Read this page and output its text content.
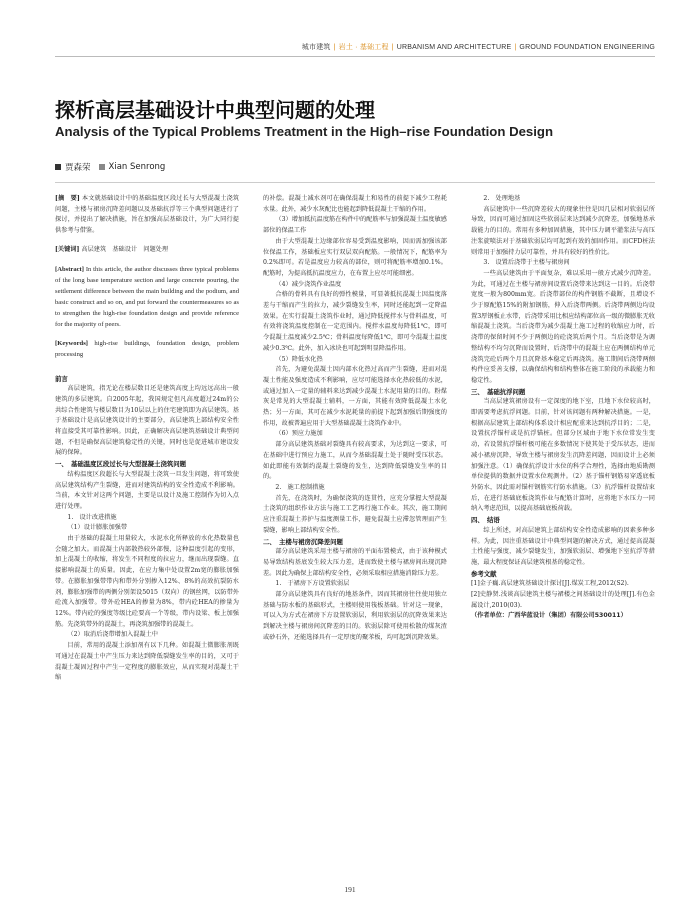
城市建筑 | 岩土 · 基础工程 | URBANISM AND ARCHITECTURE | GROUND FOUNDATION ENGINEERING
探析高层基础设计中典型问题的处理
Analysis of the Typical Problems Treatment in the High–rise Foundation Design
贾森荣 Xian Senrong

[摘　要] 本文就基础设计中的基础温度区段过长与大型混凝土浇筑问题，主楼与裙房沉降差问题以及基础抗浮等三个典型问题进行了探讨，并提出了解决措施，旨在加强高层基础设计，为广大同行提供参考与借鉴。

[关键词] 高层建筑　基础设计　问题处理

[Abstract] In this article, the author discusses three typical problems of the long base temperature section and large concrete pouring, the settlement difference between the main building and the podium, and basic construct and so on, and put forward the countermeasures so as to strengthen the high-rise foundation design and provide reference for the majority of peers.

[Keywords] high-rise buildings, foundation design, problem processing

前言

高层建筑，指无论在楼层数目还是建筑高度上均远远高出一般建筑的多层建筑。自2005年起，我国规定但凡高度超过24m的公共综合性建筑与楼层数目为10层以上的住宅建筑即为高层建筑。基于基础设计是高层建筑设计的主要部分，高层建筑上部结构安全性将直接受其可靠性影响。因此，正确解决高层建筑基础设计典型问题，不但是确保高层建筑稳定性的关键，同时也是促进城市建设发展的保障。

一、　基础温度区段过长与大型混凝土浇筑问题

结构温度区段超长与大型混凝土浇筑一旦发生问题，将可致使高层建筑结构产生裂缝，进而对建筑结构的安全性造成不利影响。当前，本文针对这两个问题，主要是以设计及施工控制作为切入点进行处理。

1.　设计改进措施

（1）设计膨胀加强带

由于基础的混凝土用量较大，水泥水化所释放的水化热数量也会随之加大。而混凝土内部散热较外部慢，这种温度引起的变形，加上混凝土的收缩，将发生不同程度的拉应力，继而出现裂缝。直接影响混凝土的质量。因此，在应力集中处设置2m宽的膨胀加强带。在膨胀加强带带内和带外分别掺入12%、8%的高效抗裂防水剂，膨胀加强带的两侧分别架设5015（双向）的钢丝网，以防带外砼流入加强带。带外砼HEA的掺量为8%，带内砼HEA的掺量为12%。带内砼的强度等级比砼要高一个等级，带内设梁、板上加强筋。先浇筑带外的混凝土，再浇筑加强带的混凝土。

（2）取消后浇带增加入混凝土中

目前，常用的混凝土添加剂有以下几种。如混凝土微膨胀剂既可通过在混凝土中产生压力来达到降低裂缝发生率的目的，又可于混凝土凝固过程中产生一定程度的膨胀效应，从而实现对混凝土干缩

的补偿。混凝土减水剂可在确保混凝土和易性的前提下减少工程耗水量。此外，减少水灰配比也能起到降低混凝土干缩的作用。

（3）增加抵抗温度筋在构件中的配筋率与加强混凝土温度敏感部位的保温工作

由于大型混凝土边缘部位容易受到温度影响，因而需加强该部位保温工作，基础板应实行双层双向配筋。一般情况下，配筋率为0.2%即可。若是温度应力较高的部位，则可将配筋率增加0.1%。配筋时，为提高抵抗温度应力，在布置上应尽可能细密。

（4）减少浇筑作业温度

合格的骨料具有良好的弹性模量，可显著抵抗混凝土因温度落差与干缩而产生的拉力，减少裂缝发生率，同时还能起到一定降温效果。在实行混凝土浇筑作业时，通过降低搅拌水与骨料温度，可有效将浇筑温度控制在一定范围内。搅拌水温度每降低1℃，即可令混凝土温度减少2.5℃；骨料温度每降低1℃，即可令混凝土温度减少0.3℃。此外，加入冰块也可起到明显降温作用。

（5）降低水化热

首先，为避免混凝土因内部水化热过高而产生裂缝，进而对混凝土性能及强度造成不利影响，应尽可能选择水化热较低的水泥，或通过加入一定量的辅料来达到减少混凝土水泥用量的目的。粉煤灰是常见的大型混凝土辅料，一方面，其能有效降低混凝土水化热；另一方面，其可在减少水泥耗量的前提下起到加强后期强度的作用，故被普遍应用于大型基础混凝土浇筑作业中。

（6）预应力施加

部分高层建筑基础对裂缝具有较高要求，为达到这一要求，可在基础中进行预应力施工，从而令基础混凝土处于随时受压状态。如此即能有效制约混凝土裂缝的发生，达到降低裂缝发生率的目的。

2.　施工控制措施

首先，在浇筑时，为确保浇筑的连贯性，应充分掌握大型混凝土浇筑的组织作业方法与施工工艺再行施工作业。其次，施工期间应注重混凝土养护与温度测量工作，避免混凝土应滞忽管理而产生裂缝，影响上部结构安全性。

二、　主楼与裙房沉降差问题

部分高层建筑采用主楼与裙房的平面布置模式，由于该种模式易导致结构基底发生较大压力差，进而致使主楼与裙房间出现沉降差。因此为确保上部结构安全性，必须采取相应措施消除压力差。

1.　于裙房下方设置软弱层

部分高层建筑具有良好的地基条件，因而其裙房往往使用独立基础与防水板的基础形式，主楼则使用筏板基础。针对这一现象，可以入为方式在裙房下方设置软弱层，利用软弱层的沉降效果来达到解决主楼与裙房间沉降差的目的。软弱层除可使用松散的煤灰渣或砂石外，还能选择具有一定厚度的聚苯板，均可起到沉降效果。

2.　处理地基

高层建筑中一些沉降差较大的现象往往是因几层相对软弱层所导致，因而可通过加固这些软弱层来达到减少沉降差，加强地基承载能力的目的。常用有多种加固措施，其中压力调平灌浆法与高压注浆旋喷法对于基础软弱层均可起到有效的加固作用。而CFD桩法则常用于加强持力层可靠性，并具有较好的性价比。

3.　设置后浇带于主楼与裙房间

一些高层建筑由于平面复杂，难以采用一般方式减少沉降差。为此，可通过在主楼与裙房间设置后浇带来达到这一目的。后浇带宽度一般为800mm宽。后浇带部位的构件钢筋不截断，且增设不少于原配筋15%的附加钢筋，伸入后浇带两侧。后浇带两侧边均设置3厚钢板止水带，后浇带采用比相应结构部位高一级的微膨胀无收缩混凝土浇筑。当后浇带为减少混凝土施工过程的收缩应力时，后浇带的保留时间不少于两侧边的砼浇筑后两个月。当后浇带是为调整结构不均匀沉降而设置时，后浇带中的混凝土应在两侧结构单元浇筑完砼后两个月且沉降基本稳定后再浇筑。施工期间后浇带两侧构件应妥善支撑，以确保结构和结构整体在施工阶段的承载能力和稳定性。

三、　基础抗浮问题

当高层建筑裙房设有一定深度的地下室，且地下水位较高时，即需要考虑抗浮问题。目前，针对该问题有两种解决措施。一是，根据高层建筑上部结构体系设计相应配重来达到抗浮目的；二是，设置抗浮锚杆或是抗浮锚桩。但部分区域由于地下水位常发生变动，若设置抗浮锚杆极可能在多数情况下使其处于受压状态，进而减小裙房沉降，导致主楼与裙房发生沉降差问题，因而设计上必须加强注意。（1）确保抗浮设计水位的科学合理性，选择由地质勘测单位提供的数据并设置水位观测井。（2）基于锚杆钢筋易穿透底板外防水，因此需对锚杆钢筋实行防水措施。（3）抗浮锚杆设置结束后，在进行基础底板浇筑作业与配筋计算时，应将地下水压力一同纳入考虑范围，以提高基础底板荷载。

四、　结语

综上所述，对高层建筑上部结构安全性造成影响的因素多种多样。为此，因注重基础设计中典型问题的解决方式，通过提高混凝土性能与强度，减少裂缝发生，加强软弱层、增强地下室抗浮等措施，最大程度保证高层建筑根基的稳定性。

参考文献

[1]金子巍.高层建筑基础设计探讨[J].煤炭工程,2012(S2).

[2]史静贤.浅谈高层建筑主楼与裙楼之间基础设计的处理[J].有色金属设计,2010(03).

（作者单位：广西华蓝设计（集团）有限公司530011）

191
